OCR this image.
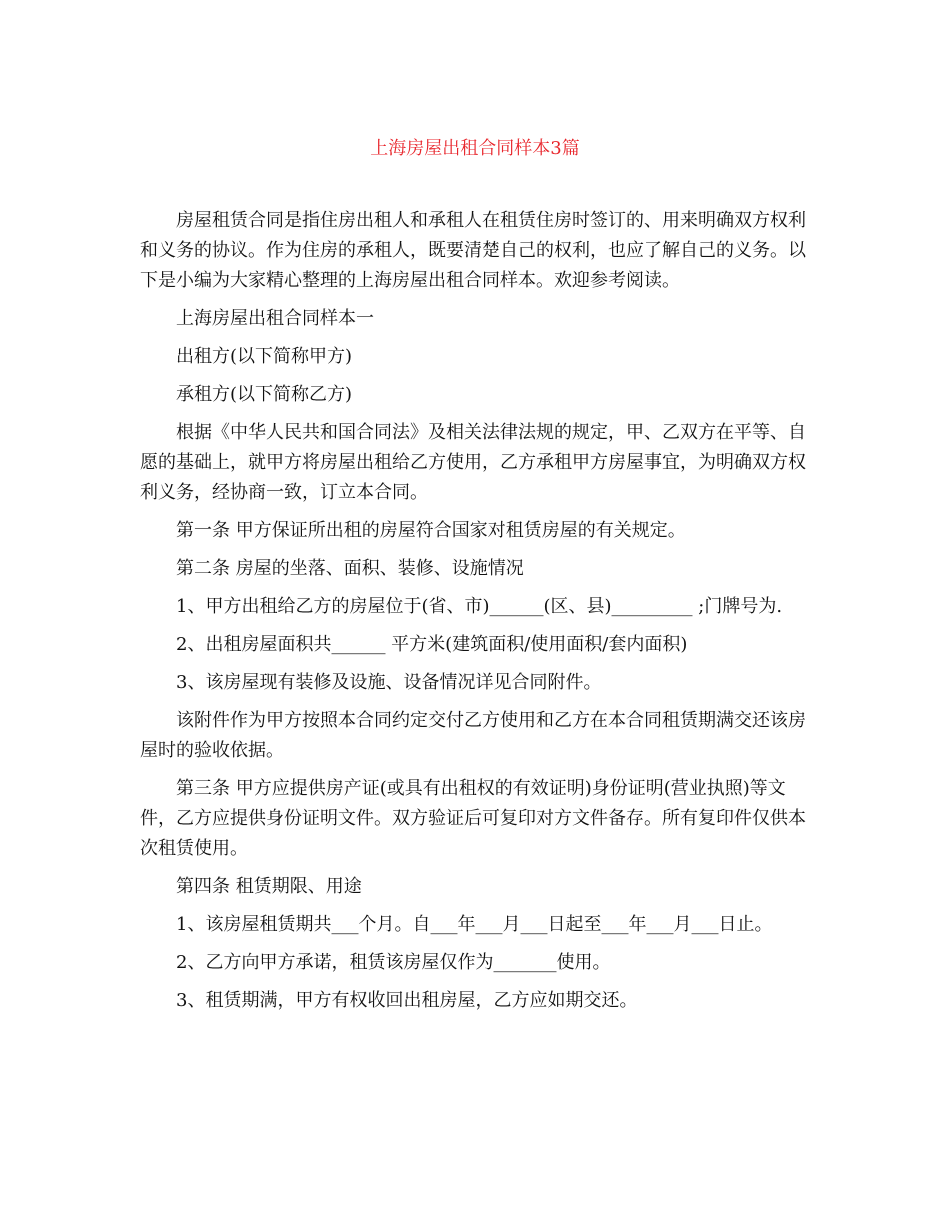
上海房屋出租合同样本3篇

房屋租赁合同是指住房出租人和承租人在租赁住房时签订的、用来明确双方权利和义务的协议。作为住房的承租人，既要清楚自己的权利，也应了解自己的义务。以下是小编为大家精心整理的上海房屋出租合同样本。欢迎参考阅读。

上海房屋出租合同样本一

出租方(以下简称甲方)

承租方(以下简称乙方)

根据《中华人民共和国合同法》及相关法律法规的规定，甲、乙双方在平等、自愿的基础上，就甲方将房屋出租给乙方使用，乙方承租甲方房屋事宜，为明确双方权利义务，经协商一致，订立本合同。

第一条 甲方保证所出租的房屋符合国家对租赁房屋的有关规定。

第二条 房屋的坐落、面积、装修、设施情况

1、甲方出租给乙方的房屋位于(省、市)______(区、县)_________ ;门牌号为.

2、出租房屋面积共______ 平方米(建筑面积/使用面积/套内面积)

3、该房屋现有装修及设施、设备情况详见合同附件。

该附件作为甲方按照本合同约定交付乙方使用和乙方在本合同租赁期满交还该房屋时的验收依据。

第三条 甲方应提供房产证(或具有出租权的有效证明)身份证明(营业执照)等文件，乙方应提供身份证明文件。双方验证后可复印对方文件备存。所有复印件仅供本次租赁使用。

第四条 租赁期限、用途

1、该房屋租赁期共___个月。自___年___月___日起至___年___月___日止。

2、乙方向甲方承诺，租赁该房屋仅作为_______使用。

3、租赁期满，甲方有权收回出租房屋，乙方应如期交还。
